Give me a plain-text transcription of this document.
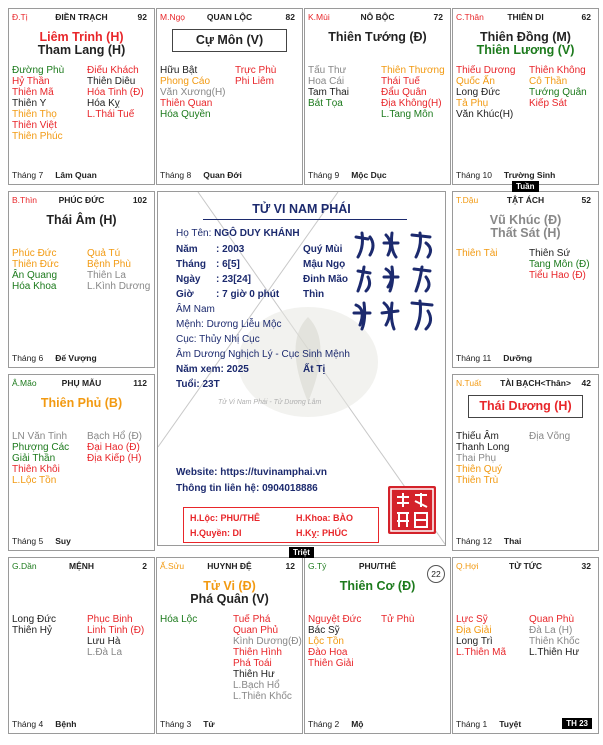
Đ.Tị	ĐIỀN TRẠCH	92
Liêm Trinh (H)
Tham Lang (H)
Đường Phù
Hỷ Thần
Thiên Mã
Thiên Y
Thiên Thọ
Thiên Việt
Thiên Phúc
Điếu Khách
Thiên Diêu
Hóa Tinh (Đ)
Hóa Kỵ
L.Thái Tuế
Tháng 7 Lâm Quan
M.Ngọ	QUAN LỘC	82
Cự Môn (V)
Hữu Bật
Phong Cáo
Văn Xương(H)
Thiên Quan
Hóa Quyền
Trực Phù
Phi Liêm
Tháng 8 Quan Đới
K.Mùi	NÔ BỘC	72
Thiên Tướng (Đ)
Tấu Thư
Hoa Cái
Tam Thai
Bát Tọa
Thiên Thương
Thái Tuế
Đẩu Quân
Địa Không(H)
L.Tang Môn
Tháng 9 Mộc Dục
C.Thân	THIÊN DI	62
Thiên Đồng (M)
Thiên Lương (V)
Thiếu Dương
Quốc Ấn
Long Đức
Tả Phụ
Văn Khúc(H)
Thiên Không
Cô Thần
Tướng Quân
Kiếp Sát
Tháng 10 Trường Sinh
B.Thìn	PHÚC ĐỨC	102
Thái Âm (H)
Phúc Đức
Thiên Đức
Ân Quang
Hóa Khoa
Quả Tú
Bệnh Phù
Thiên La
L.Kình Dương
Tháng 6 Đế Vượng
Â.Mão	PHỤ MẪU	112
Thiên Phủ (B)
LN Văn Tinh
Phượng Các
Giải Thần
Thiên Khôi
L.Lộc Tồn
Bạch Hổ (Đ)
Đại Hao (Đ)
Địa Kiếp (H)
Tháng 5 Suy
T.Dậu	TẬT ÁCH	52
Vũ Khúc (Đ)
Thất Sát (H)
Thiên Tài	Thiên Sứ
Tang Môn (Đ)
Tiểu Hao (Đ)
Tháng 11 Dưỡng
N.Tuất	TÀI BẠCH<Thân>	42
Thái Dương (H)
Thiếu Âm
Thanh Long
Thai Phụ
Thiên Quý
Thiên Trù
Địa Võng
Tháng 12 Thai
G.Dần	MỆNH	2
Long Đức
Thiên Hỷ
Phục Binh
Linh Tinh (Đ)
Lưu Hà
L.Đà La
Tháng 4 Bệnh
Ấ.Sửu	HUYNH ĐỆ	12
Tử Vi (Đ)
Phá Quân (V)
Hóa Lộc	Tuế Phá
Quan Phủ
Kình Dương(Đ)
Thiên Hình
Phá Toái
Thiên Hư
L.Bạch Hổ
L.Thiên Khốc
Tháng 3 Tử
G.Tý	PHU/THÊ
22
Thiên Cơ (Đ)
Nguyệt Đức
Bác Sỹ
Lộc Tồn
Đào Hoa
Thiên Giải
Tử Phù
Tháng 2 Mộ
Q.Hợi	TỬ TỨC	32
Lực Sỹ
Địa Giải
Long Trì
L.Thiên Mã
Quan Phù
Đà La (H)
Thiên Khốc
L.Thiên Hư
Tháng 1 Tuyệt	TH 23
Tuần
Triệt
TỬ VI NAM PHÁI
Họ Tên: NGÔ DUY KHÁNH
Năm : 2003	Quý Mùi
Tháng : 6[5]	Mậu Ngọ
Ngày : 23[24]	Đinh Mão
Giờ : 7 giờ 0 phút Thìn
ÂM Nam
Mệnh: Dương Liễu Mộc
Cục: Thủy Nhị Cục
Âm Dương Nghịch Lý - Cục Sinh Mệnh
Năm xem: 2025	Ất Tị
Tuổi: 23T
Tử Vi Nam Phái - Tử Dương Lâm
Website: https://tuvinamphai.vn
Thông tin liên hệ: 0904018886
H.Lộc: PHU/THÊ	H.Khoa: BÀO
H.Quyền: DI	H.Kỵ: PHÚC
